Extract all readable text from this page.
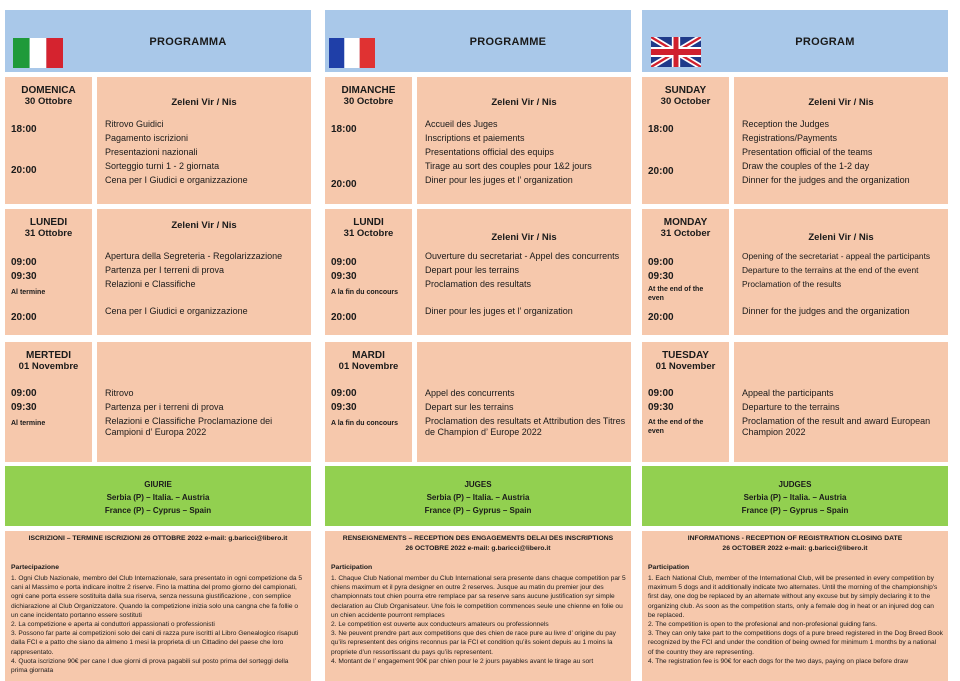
PROGRAMMA
DOMENICA
30 Ottobre
18:00
20:00
Zeleni Vir / Nis
Ritrovo Guidici
Pagamento iscrizioni
Presentazioni nazionali
Sorteggio turni 1 - 2 giornata
Cena per I Giudici e organizzazione
LUNEDI
31 Ottobre
09:00
09:30
Al termine
20:00
Zeleni Vir / Nis
Apertura della Segreteria - Regolarizzazione
Partenza per I terreni di prova
Relazioni e Classifiche
Cena per I Giudici e organizzazione
MERTEDI
01 Novembre
09:00
09:30
Al termine
Ritrovo
Partenza per i terreni di prova
Relazioni e Classifiche Proclamazione dei Campioni d’ Europa 2022
GIURIE
Serbia (P) – Italia. – Austria
France (P) – Cyprus – Spain
ISCRIZIONI – TERMINE ISCRIZIONI 26 OTTOBRE 2022 e-mail: g.baricci@libero.it
Partecipazione
1. Ogni Club Nazionale, membro del Club Internazionale, sara presentato in ogni competizione da 5 cani al Massimo e porta indicare inoltre 2 riserve. Fino la mattina del promo giorno del campionati, ogni cane porta essere sostituita dalla sua riserva, senza nessuna giustificazione , con semplice dichiarazione al Club Organizzatore. Quando la competizione inizia solo una cangna che fa follie o un cane incidentato portanno essere sostituti
2. La competizione e aperta ai conduttori appassionati o professionisti
3. Possono far parte ai competizioni solo dei cani di razza pure iscritti al Libro Genealogico risaputi dalla FCI e a patto che siano da almeno 1 mesi la proprieta di un Cittadino del paese che loro rappresentato.
4. Quota iscrizione 90€ per cane I due giorni di prova pagabili sul posto prima del sorteggi della prima giornata
PROGRAMME
DIMANCHE
30 Octobre
18:00
20:00
Zeleni Vir / Nis
Accueil des Juges
Inscriptions et paiements
Presentations official des equips
Tirage au sort des couples pour 1&2 jours
Diner pour les juges et l’ organization
LUNDI
31 Octobre
09:00
09:30
A la fin du concours
20:00
Zeleni Vir / Nis
Ouverture du secretariat - Appel des concurrents
Depart pour les terrains
Proclamation des resultats
Diner pour les juges et l’ organization
MARDI
01 Novembre
09:00
09:30
A la fin du concours
Appel des concurrents
Depart sur les terrains
Proclamation des resultats et Attribution des Titres de Champion d’ Europe 2022
JUGES
Serbia (P) – Italia. – Austria
France (P) – Gyprus – Spain
RENSEIGNEMENTS – RECEPTION DES ENGAGEMENTS DELAI DES INSCRIPTIONS
26 OCTOBRE 2022 e-mail: g.baricci@libero.it
Participation
1. Chaque Club National member du Club International sera presente dans chaque competition par 5 chiens maximum et il pyra designer en outre 2 reserves. Jusque au matin du premier jour des championnats tout chien pourra etre remplace par sa reserve sans aucune justification syr simple declaration au Club Organisateur. Une fois le competition commences seule une chienne en folie ou un chien accidente pourront remplaces
2. Le competition est ouverte aux conducteurs amateurs ou professionnels
3. Ne peuvent prendre part aux competitions que des chien de race pure au livre d’ origine du pay qu’ils representent des origins reconnus par la FCI et condition qu’ils soient depuis au 1 moins la propriete d’un ressortissant du pays qu’ils representent.
4. Montant de l’ engagement 90€ par chien pour le 2 jours payables avant le tirage au sort
PROGRAM
SUNDAY
30 October
18:00
20:00
Zeleni Vir / Nis
Reception the Judges
Registrations/Payments
Presentation official of the teams
Draw the couples of the 1-2 day
Dinner for the judges and the organization
MONDAY
31 October
09:00
09:30
At the end of the even
20:00
Zeleni Vir / Nis
Opening of the secretariat - appeal the participants
Departure to the terrains at the end of the event
Proclamation of the results
Dinner for the judges and the organization
TUESDAY
01 November
09:00
09:30
At the end of the even
Appeal the participants
Departure to the terrains
Proclamation of the result and award European Champion 2022
JUDGES
Serbia (P) – Italia. – Austria
France (P) – Gyprus – Spain
INFORMATIONS - RECEPTION OF REGISTRATION CLOSING DATE
26 OCTOBER 2022 e-mail: g.baricci@libero.it
Participation
1. Each National Club, member of the International Club, will be presented in every competition by maximum 5 dogs and it additionally indicate two alternates. Until the morning of the championship's first day, one dog be replaced by an alternate without any excuse but by simply declaring it to the organizing club. As soon as the competition starts, only a female dog in heat or an injured dog can be replaced.
2. The competition is open to the profesional and non-profesional guiding fans.
3. They can only take part to the competitions dogs of a pure breed registered in the Dog Breed Book recognized by the FCI and under the condition of being owned for minimum 1 months by a national of the country they are representing.
4. The registration fee is 90€ for each dogs for the two days, paying on place before draw
